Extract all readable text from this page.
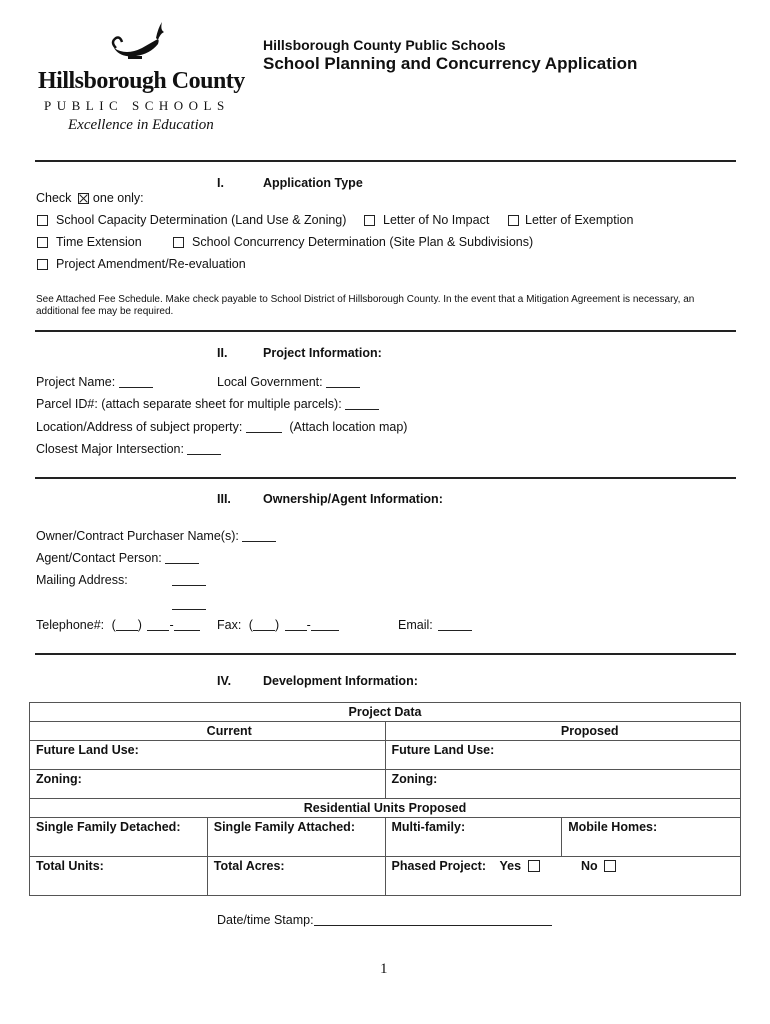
Hillsborough County
PUBLIC SCHOOLS
Excellence in Education
Hillsborough County Public Schools
School Planning and Concurrency Application
I.	Application Type
Check one only:
School Capacity Determination (Land Use & Zoning)	Letter of No Impact	Letter of Exemption
Time Extension	School Concurrency Determination (Site Plan & Subdivisions)
Project Amendment/Re-evaluation
See Attached Fee Schedule. Make check payable to School District of Hillsborough County. In the event that a Mitigation Agreement is necessary, an
additional fee may be required.
II.	Project Information:
Project Name:	Local Government:
Parcel ID#: (attach separate sheet for multiple parcels):
Location/Address of subject property:	(Attach location map)
Closest Major Intersection:
III.	Ownership/Agent Information:
Owner/Contract Purchaser Name(s):
Agent/Contact Person:
Mailing Address:
Telephone#: ( ) -	Fax: ( ) -	Email:
IV.	Development Information:
Project Data			
Current		Proposed	
Future Land Use:		Future Land Use:	
Zoning:		Zoning:	
Residential Units Proposed			
Single Family Detached:	Single Family Attached:	Multi-family:	Mobile Homes:
Total Units:	Total Acres:	Phased Project: Yes No	
Date/time Stamp:
1
